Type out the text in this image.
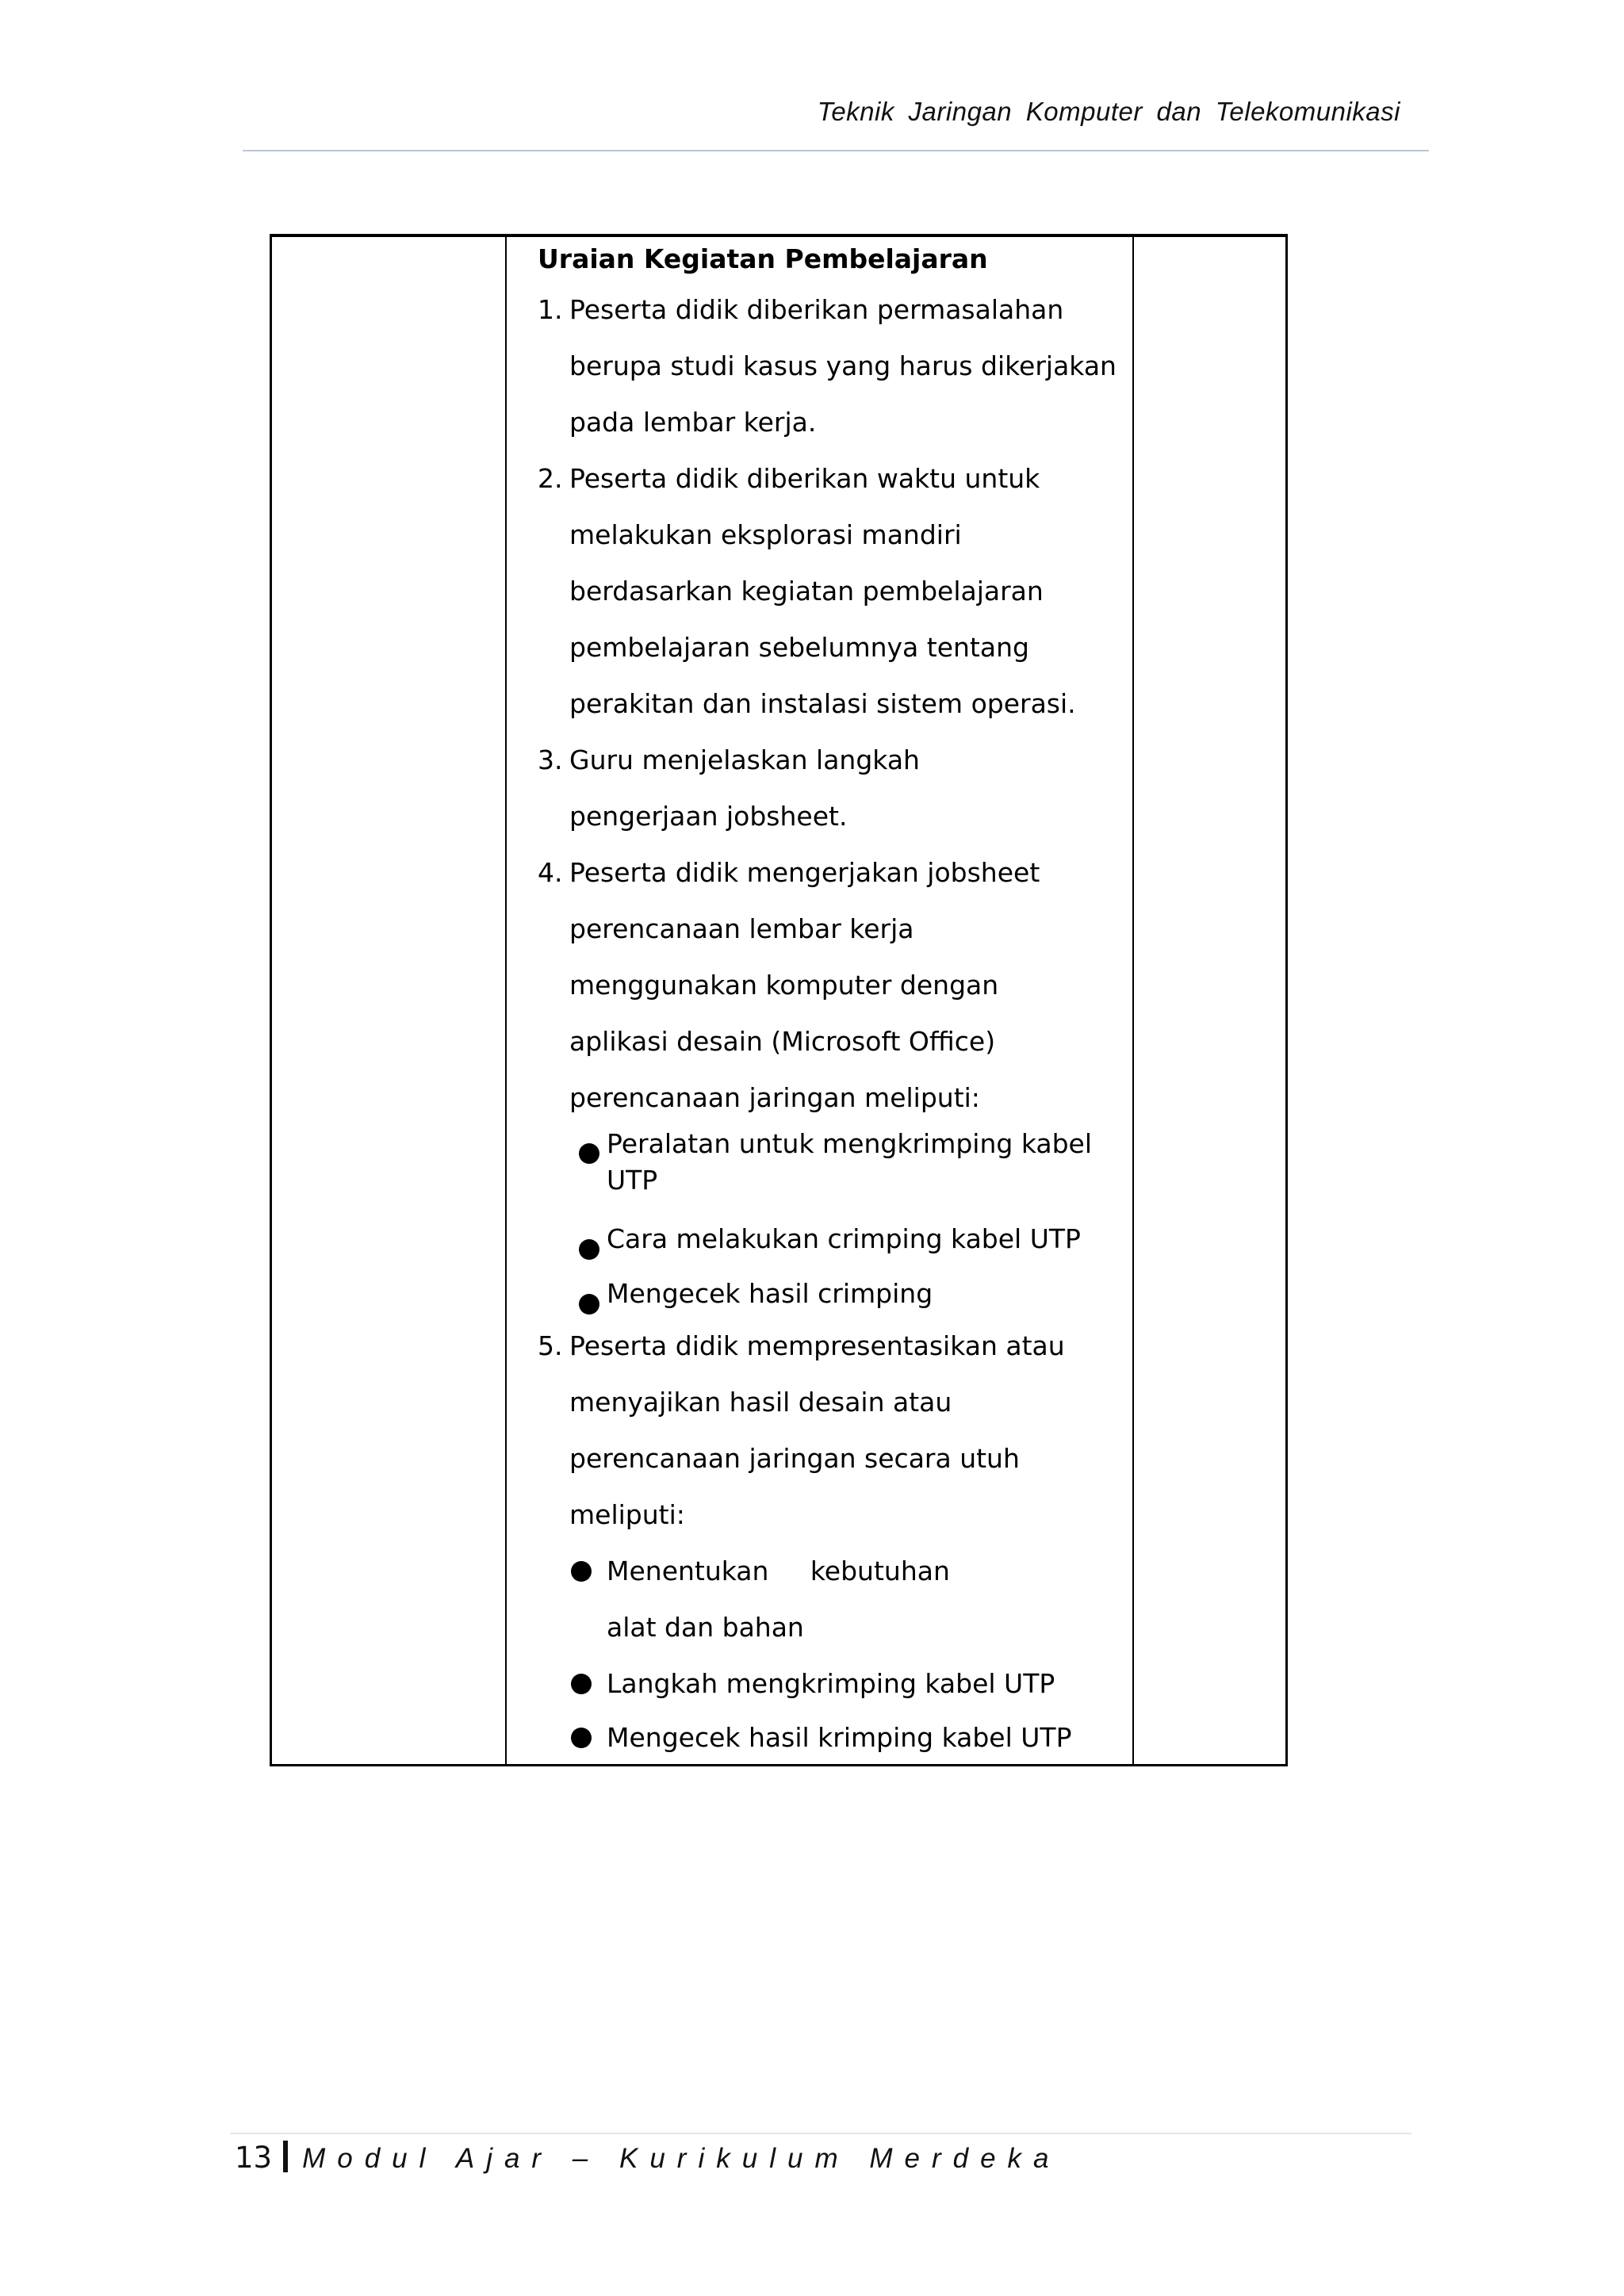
Teknik Jaringan Komputer dan Telekomunikasi
Uraian Kegiatan Pembelajaran
1. Peserta didik diberikan permasalahan
berupa studi kasus yang harus dikerjakan
pada lembar kerja.
2. Peserta didik diberikan waktu untuk
melakukan eksplorasi mandiri
berdasarkan kegiatan pembelajaran
pembelajaran sebelumnya tentang
perakitan dan instalasi sistem operasi.
3. Guru menjelaskan langkah
pengerjaan jobsheet.
4. Peserta didik mengerjakan jobsheet
perencanaan lembar kerja
menggunakan komputer dengan
aplikasi desain (Microsoft Office)
perencanaan jaringan meliputi:
Peralatan untuk mengkrimping kabel
UTP
Cara melakukan crimping kabel UTP
Mengecek hasil crimping
5. Peserta didik mempresentasikan atau
menyajikan hasil desain atau
perencanaan jaringan secara utuh
meliputi:
Menentukan     kebutuhan
alat dan bahan
Langkah mengkrimping kabel UTP
Mengecek hasil krimping kabel UTP
13 Modul Ajar – Kurikulum Merdeka
